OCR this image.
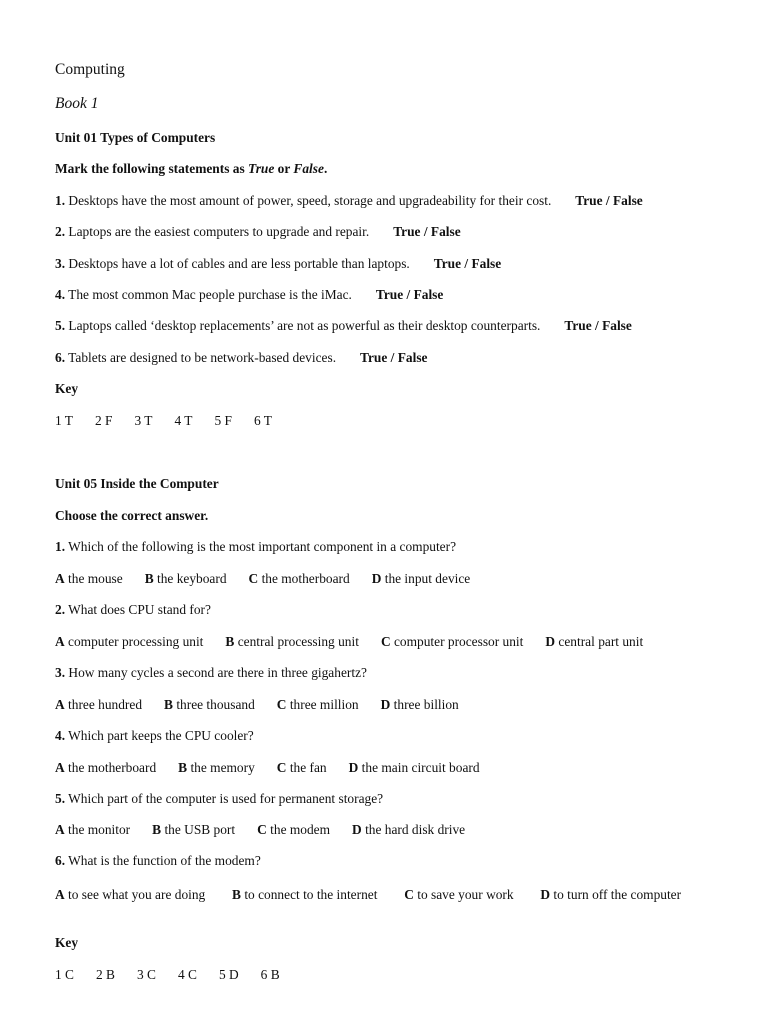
Computing
Book 1
Unit 01 Types of Computers
Mark the following statements as True or False.
1. Desktops have the most amount of power, speed, storage and upgradeability for their cost. True / False
2. Laptops are the easiest computers to upgrade and repair. True / False
3. Desktops have a lot of cables and are less portable than laptops. True / False
4. The most common Mac people purchase is the iMac. True / False
5. Laptops called ‘desktop replacements’ are not as powerful as their desktop counterparts. True / False
6. Tablets are designed to be network-based devices. True / False
Key
1 T 2 F 3 T 4 T 5 F 6 T
Unit 05 Inside the Computer
Choose the correct answer.
1. Which of the following is the most important component in a computer?
A the mouse B the keyboard C the motherboard D the input device
2. What does CPU stand for?
A computer processing unit B central processing unit C computer processor unit D central part unit
3. How many cycles a second are there in three gigahertz?
A three hundred B three thousand C three million D three billion
4. Which part keeps the CPU cooler?
A the motherboard B the memory C the fan D the main circuit board
5. Which part of the computer is used for permanent storage?
A the monitor B the USB port C the modem D the hard disk drive
6. What is the function of the modem?
A to see what you are doing B to connect to the internet C to save your work D to turn off the computer
Key
1 C 2 B 3 C 4 C 5 D 6 B
